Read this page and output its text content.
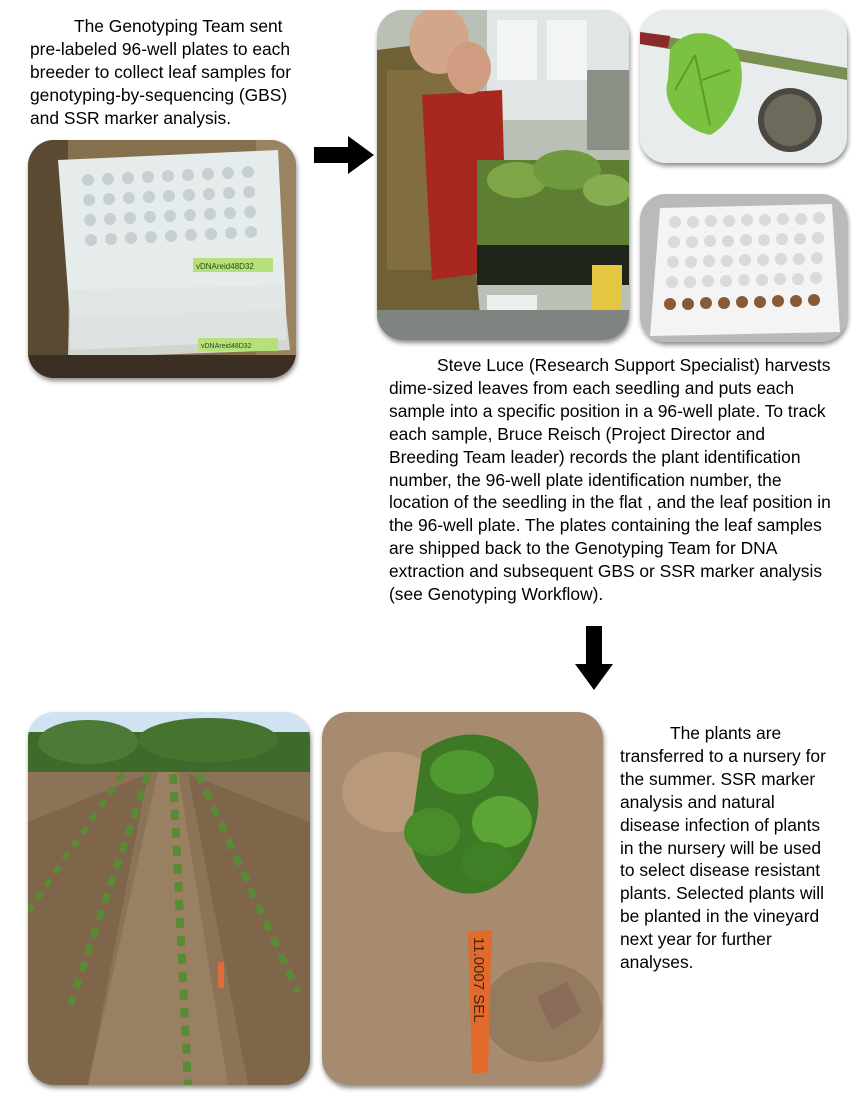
The Genotyping Team sent pre-labeled 96-well plates to each breeder to collect leaf samples for genotyping-by-sequencing (GBS) and SSR marker analysis.

vDNAreid48D32
vDNAreid48D32

Steve Luce (Research Support Specialist) harvests dime-sized leaves from each seedling and puts each sample into a specific position in a 96-well plate. To track each sample, Bruce Reisch (Project Director and Breeding Team leader) records the plant identification number, the 96-well plate identification number, the location of the seedling in the flat , and the leaf position in the 96-well plate. The plates containing the leaf samples are shipped back to the Genotyping Team for DNA extraction and subsequent GBS or SSR marker analysis (see Genotyping Workflow).

11.0007 SEL

The plants are transferred to a nursery for the summer. SSR marker analysis and natural disease infection of plants in the nursery will be used to select disease resistant plants. Selected plants will be planted in the vineyard next year for further analyses.
